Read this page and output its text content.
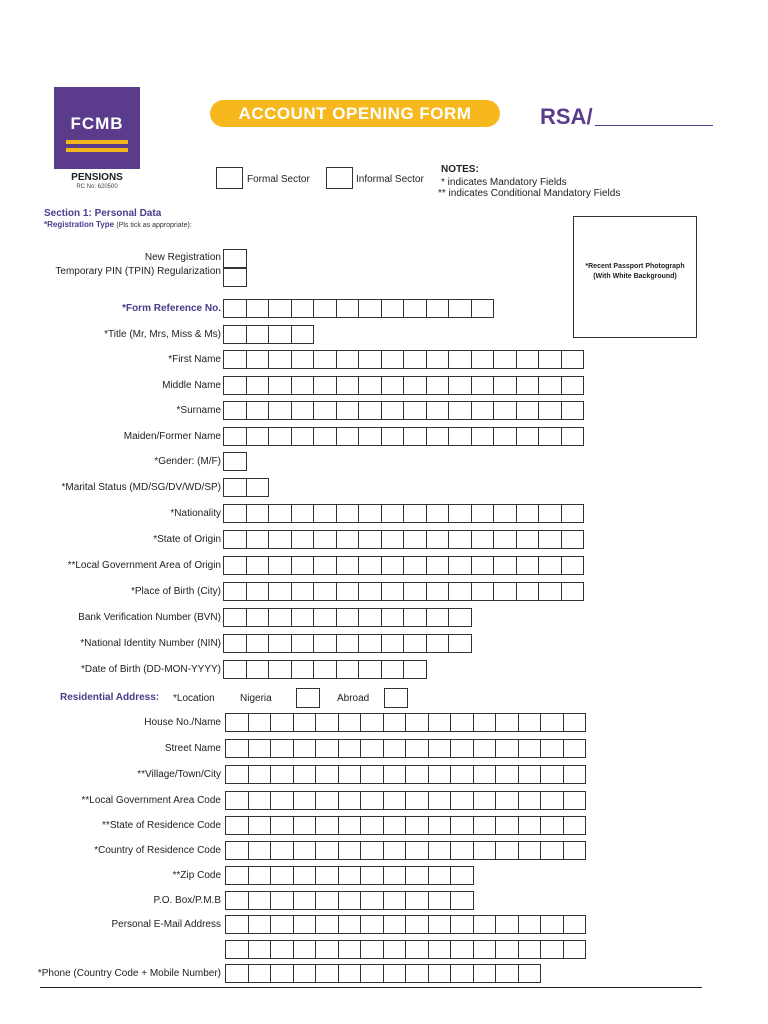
FCMB
PENSIONS
RC No: 620500
ACCOUNT OPENING FORM	RSA/
Formal Sector	Informal Sector
NOTES:
* indicates Mandatory Fields
** indicates Conditional Mandatory Fields
Section 1: Personal Data
*Registration Type (Pls tick as appropriate):
New Registration
Temporary PIN (TPIN) Regularization	*Recent Passport Photograph
(With White Background)
*Form Reference No.
*Title (Mr, Mrs, Miss & Ms)
*First Name
Middle Name
*Surname
Maiden/Former Name
*Gender: (M/F)
*Marital Status (MD/SG/DV/WD/SP)
*Nationality
*State of Origin
**Local Government Area of Origin
*Place of Birth (City)
Bank Verification Number (BVN)
*National Identity Number (NIN)
*Date of Birth (DD-MON-YYYY)
Residential Address: *Location	Nigeria	Abroad
House No./Name
Street Name
**Village/Town/City
**Local Government Area Code
**State of Residence Code
*Country of Residence Code
**Zip Code
P.O. Box/P.M.B
Personal E-Mail Address
*Phone (Country Code + Mobile Number)
